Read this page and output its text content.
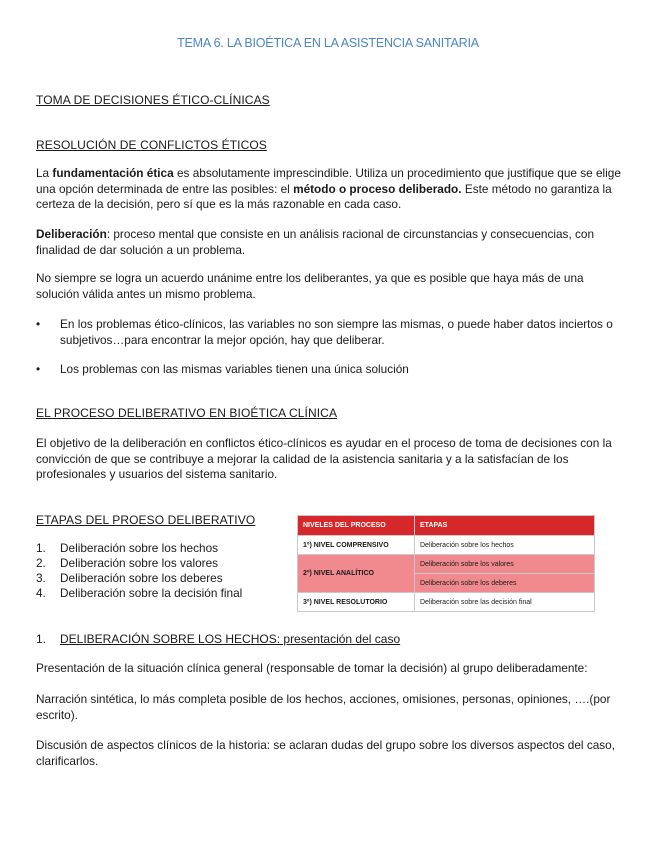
TEMA 6. LA BIOÉTICA EN LA ASISTENCIA SANITARIA
TOMA DE DECISIONES ÉTICO-CLÍNICAS
RESOLUCIÓN DE CONFLICTOS ÉTICOS
La fundamentación ética es absolutamente imprescindible. Utiliza un procedimiento que justifique que se elige una opción determinada de entre las posibles: el método o proceso deliberado. Este método no garantiza la certeza de la decisión, pero sí que es la más razonable en cada caso.
Deliberación: proceso mental que consiste en un análisis racional de circunstancias y consecuencias, con finalidad de dar solución a un problema.
No siempre se logra un acuerdo unánime entre los deliberantes, ya que es posible que haya más de una solución válida antes un mismo problema.
• En los problemas ético-clínicos, las variables no son siempre las mismas, o puede haber datos inciertos o subjetivos…para encontrar la mejor opción, hay que deliberar.
• Los problemas con las mismas variables tienen una única solución
EL PROCESO DELIBERATIVO EN BIOÉTICA CLÍNICA
El objetivo de la deliberación en conflictos ético-clínicos es ayudar en el proceso de toma de decisiones con la convicción de que se contribuye a mejorar la calidad de la asistencia sanitaria y a la satisfacían de los profesionales y usuarios del sistema sanitario.
ETAPAS DEL PROESO DELIBERATIVO
1. Deliberación sobre los hechos
2. Deliberación sobre los valores
3. Deliberación sobre los deberes
4. Deliberación sobre la decisión final
NIVELES DEL PROCESO	ETAPAS
1º) NIVEL COMPRENSIVO	Deliberación sobre los hechos
2º) NIVEL ANALÍTICO	Deliberación sobre los valores
	Deliberación sobre los deberes
3º) NIVEL RESOLUTORIO	Deliberación sobre las decisión final
1. DELIBERACIÓN SOBRE LOS HECHOS: presentación del caso
Presentación de la situación clínica general (responsable de tomar la decisión) al grupo deliberadamente:
Narración sintética, lo más completa posible de los hechos, acciones, omisiones, personas, opiniones, ….(por escrito).
Discusión de aspectos clínicos de la historia: se aclaran dudas del grupo sobre los diversos aspectos del caso, clarificarlos.
